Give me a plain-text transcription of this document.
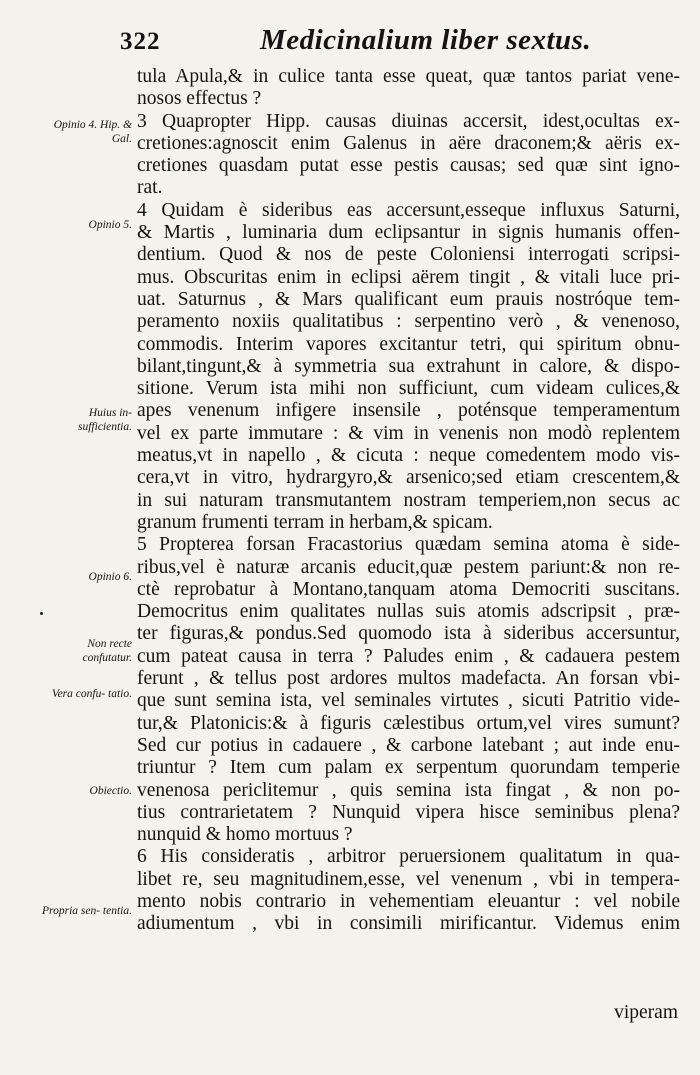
322	Medicinalium liber sextus.
Opinio 4. Hip. & Gal.
Opinio 5.
Huius in- sufficientia.
Opinio 6.
Non recte confutatur.
Vera confu- tatio.
Obiectio.
Propria sen- tentia.
tula Apula,& in culice tanta esse queat, quæ tantos pariat vene-
nosos effectus ?
3 Quapropter Hipp. causas diuinas accersit, idest,ocultas ex-
cretiones:agnoscit enim Galenus in aëre draconem;& aëris ex-
cretiones quasdam putat esse pestis causas; sed quæ sint igno-
rat.
4 Quidam è sideribus eas accersunt,esseque influxus Saturni,
& Martis , luminaria dum eclipsantur in signis humanis offen-
dentium. Quod & nos de peste Coloniensi interrogati scripsi-
mus. Obscuritas enim in eclipsi aërem tingit , & vitali luce pri-
uat. Saturnus , & Mars qualificant eum prauis nostróque tem-
peramento noxiis qualitatibus : serpentino verò , & venenoso,
commodis. Interim vapores excitantur tetri, qui spiritum obnu-
bilant,tingunt,& à symmetria sua extrahunt in calore, & dispo-
sitione. Verum ista mihi non sufficiunt, cum videam culices,&
apes venenum infigere insensile , poténsque temperamentum
vel ex parte immutare : & vim in venenis non modò replentem
meatus,vt in napello , & cicuta : neque comedentem modo vis-
cera,vt in vitro, hydrargyro,& arsenico;sed etiam crescentem,&
in sui naturam transmutantem nostram temperiem,non secus ac
granum frumenti terram in herbam,& spicam.
5 Propterea forsan Fracastorius quædam semina atoma è side-
ribus,vel è naturæ arcanis educit,quæ pestem pariunt:& non re-
ctè reprobatur à Montano,tanquam atoma Democriti suscitans.
Democritus enim qualitates nullas suis atomis adscripsit , præ-
ter figuras,& pondus.Sed quomodo ista à sideribus accersuntur,
cum pateat causa in terra ? Paludes enim , & cadauera pestem
ferunt , & tellus post ardores multos madefacta. An forsan vbi-
que sunt semina ista, vel seminales virtutes , sicuti Patritio vide-
tur,& Platonicis:& à figuris cælestibus ortum,vel vires sumunt?
Sed cur potius in cadauere , & carbone latebant ; aut inde enu-
triuntur ? Item cum palam ex serpentum quorundam temperie
venenosa periclitemur , quis semina ista fingat , & non po-
tius contrarietatem ? Nunquid vipera hisce seminibus plena?
nunquid & homo mortuus ?
6 His consideratis , arbitror peruersionem qualitatum in qua-
libet re, seu magnitudinem,esse, vel venenum , vbi in tempera-
mento nobis contrario in vehementiam eleuantur : vel nobile
adiumentum , vbi in consimili mirificantur. Videmus enim
viperam
